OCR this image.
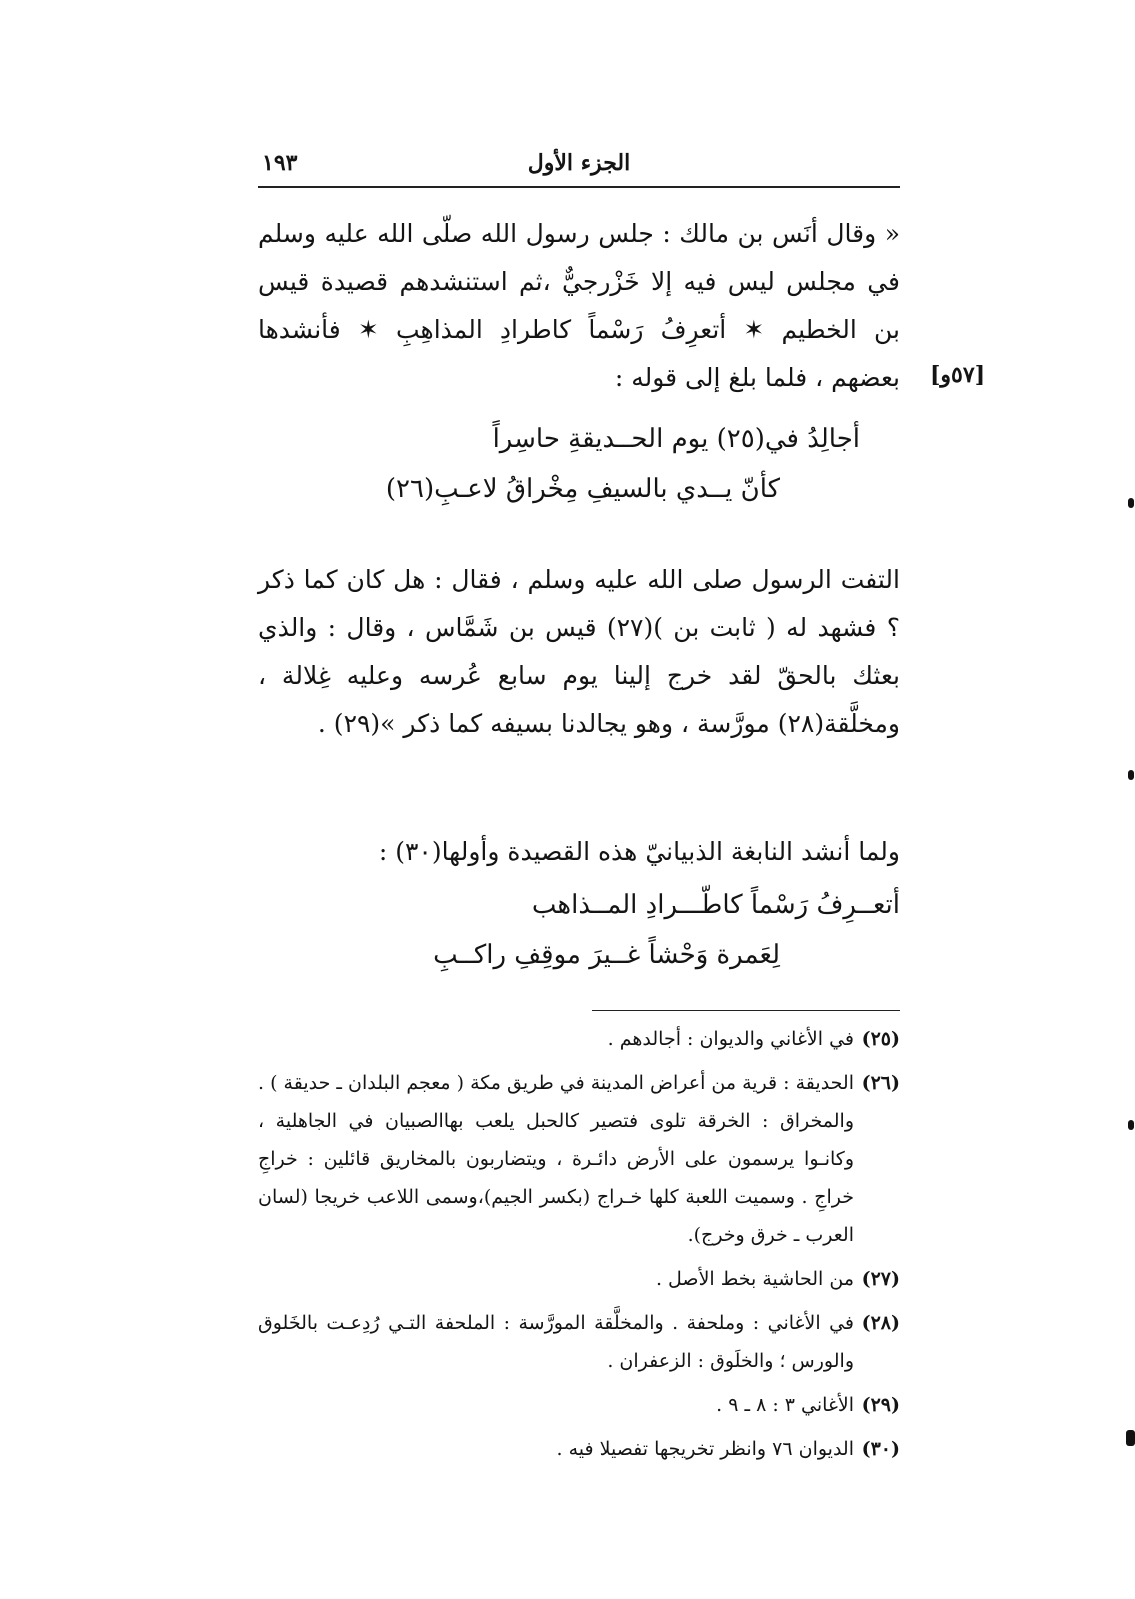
الجزء الأول
١٩٣
[٥٧و]

« وقال أنَس بن مالك : جلس رسول الله صلّى الله عليه وسلم في مجلس ليس فيه إلا خَزْرجيٌّ ،ثم استنشدهم قصيدة قيس بن الخطيم ✶ أتعرِفُ رَسْماً كاطرادِ المذاهِبِ ✶ فأنشدها بعضهم ، فلما بلغ إلى قوله :

أجالِدُ في(٢٥) يوم الحــديقةِ حاسِراً
كأنّ يــدي بالسيفِ مِخْراقُ لاعـبِ(٢٦)

التفت الرسول صلى الله عليه وسلم ، فقال : هل كان كما ذكر ؟ فشهد له ( ثابت بن )(٢٧) قيس بن شَمَّاس ، وقال : والذي بعثك بالحقّ لقد خرج إلينا يوم سابع عُرسه وعليه غِلالة ، ومخلَّقة(٢٨) مورَّسة ، وهو يجالدنا بسيفه كما ذكر »(٢٩) .

ولما أنشد النابغة الذبيانيّ هذه القصيدة وأولها(٣٠) :

أتعــرِفُ رَسْماً كاطّـــرادِ المــذاهب
لِعَمرة وَحْشاً غــيرَ موقِفِ راكــبِ
(٢٥)
في الأغاني والديوان : أجالدهم .
(٢٦)
الحديقة : قرية من أعراض المدينة في طريق مكة ( معجم البلدان ـ حديقة ) . والمخراق : الخرقة تلوى فتصير كالحبل يلعب بهاالصبيان في الجاهلية ، وكانـوا يرسمون على الأرض دائـرة ، ويتضاربون بالمخاريق قائلين : خراجِ خراجِ . وسميت اللعبة كلها خـراج (بكسر الجيم)،وسمى اللاعب خريجا (لسان العرب ـ خرق وخرج).
(٢٧)
من الحاشية بخط الأصل .
(٢٨)
في الأغاني : وملحفة . والمخلَّقة المورَّسة : الملحفة التـي رُدِعـت بالخَلوق والورس ؛ والخلَوق : الزعفران .
(٢٩)
الأغاني ٣ : ٨ ـ ٩ .
(٣٠)
الديوان ٧٦ وانظر تخريجها تفصيلا فيه .
